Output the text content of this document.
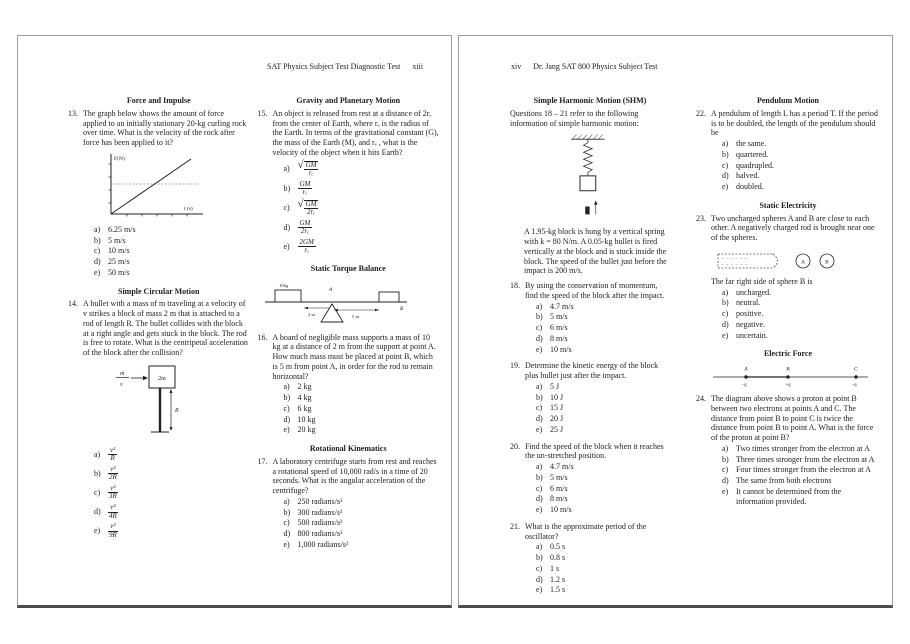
SAT Physics Subject Test Diagnostic Test xiii
Force and Impulse
13. The graph below shows the amount of force applied to an initially stationary 20-kg curling rock over time. What is the velocity of the rock after force has been applied to it?
F(N)
t (s)
a) 6.25 m/s
b) 5 m/s
c) 10 m/s
d) 25 m/s
e) 50 m/s
Simple Circular Motion
14. A bullet with a mass of m traveling at a velocity of v strikes a block of mass 2 m that is attached to a rod of length R. The bullet collides with the block at a right angle and gets stuck in the block. The rod is free to rotate. What is the centripetal acceleration of the block after the collision?
m
v
2m
R
a)	$\frac{\text{v²}}{R}$
b)	$\frac{\text{v²}}{2R}$
c)	$\frac{\text{v²}}{3R}$
d)	$\frac{\text{v²}}{4R}$
e)	$\frac{\text{v²}}{9R}$
Gravity and Planetary Motion
15. An object is released from rest at a distance of 2rₑ from the center of Earth, where rₑ is the radius of the Earth. In terms of the gravitational constant (G), the mass of the Earth (M), and rₑ , what is the velocity of the object when it hits Earth?
a) √ $\frac{GM}{\text{rₑ}}$
b)	$\frac{GM}{\text{rₑ}}$
c) √ $\frac{GM}{\text{2rₑ}}$
d)	$\frac{GM}{\text{2rₑ}}$
e)	$\frac{2GM}{\text{rₑ}}$
Static Torque Balance
10kg
A
B
2 m	5 m
16. A board of negligible mass supports a mass of 10 kg at a distance of 2 m from the support at point A. How much mass must be placed at point B, which is 5 m from point A, in order for the rod to remain horizontal?
a) 2 kg
b) 4 kg
c) 6 kg
d) 10 kg
e) 20 kg
Rotational Kinematics
17. A laboratory centrifuge starts from rest and reaches a rotational speed of 10,000 rad/s in a time of 20 seconds. What is the angular acceleration of the centrifuge?
a) 250 radians/s²
b) 300 radians/s²
c) 500 radians/s²
d) 800 radians/s²
e) 1,000 radians/s²
xiv Dr. Jang SAT 800 Physics Subject Test
Simple Harmonic Motion (SHM)
Questions 18 – 21 refer to the following information of simple harmonic motion:
A 1.95-kg block is hung by a vertical spring with k = 80 N/m. A 0.05-kg bullet is fired vertically at the block and is stuck inside the block. The speed of the bullet just before the impact is 200 m/s.
18. By using the conservation of momentum, find the speed of the block after the impact.
a) 4.7 m/s
b) 5 m/s
c) 6 m/s
d) 8 m/s
e) 10 m/s
19. Determine the kinetic energy of the block plus bullet just after the impact.
a) 5 J
b) 10 J
c) 15 J
d) 20 J
e) 25 J
20. Find the speed of the block when it reaches the un-stretched position.
a) 4.7 m/s
b) 5 m/s
c) 6 m/s
d) 8 m/s
e) 10 m/s
21. What is the approximate period of the oscillator?
a) 0.5 s
b) 0.8 s
c) 1 s
d) 1.2 s
e) 1.5 s
Pendulum Motion
22. A pendulum of length L has a period T. If the period is to be doubled, the length of the pendulum should be
a) the same.
b) quartered.
c) quadrupled.
d) halved.
e) doubled.
Static Electricity
23. Two uncharged spheres A and B are close to each other. A negatively charged rod is brought near one of the spheres.
− − − − − −
− − − − − −	A	B
The far right side of sphere B is
a) uncharged.
b) neutral.
c) positive.
d) negative.
e) uncertain.
Electric Force
A	B	C
−q	+q	−q
24. The diagram above shows a proton at point B between two electrons at points A and C. The distance from point B to point C is twice the distance from point B to point A. What is the force of the proton at point B?
a) Two times stronger from the electron at A
b) Three times stronger from the electron at A
c) Four times stronger from the electron at A
d) The same from both electrons
e) It cannot be determined from the information provided.
